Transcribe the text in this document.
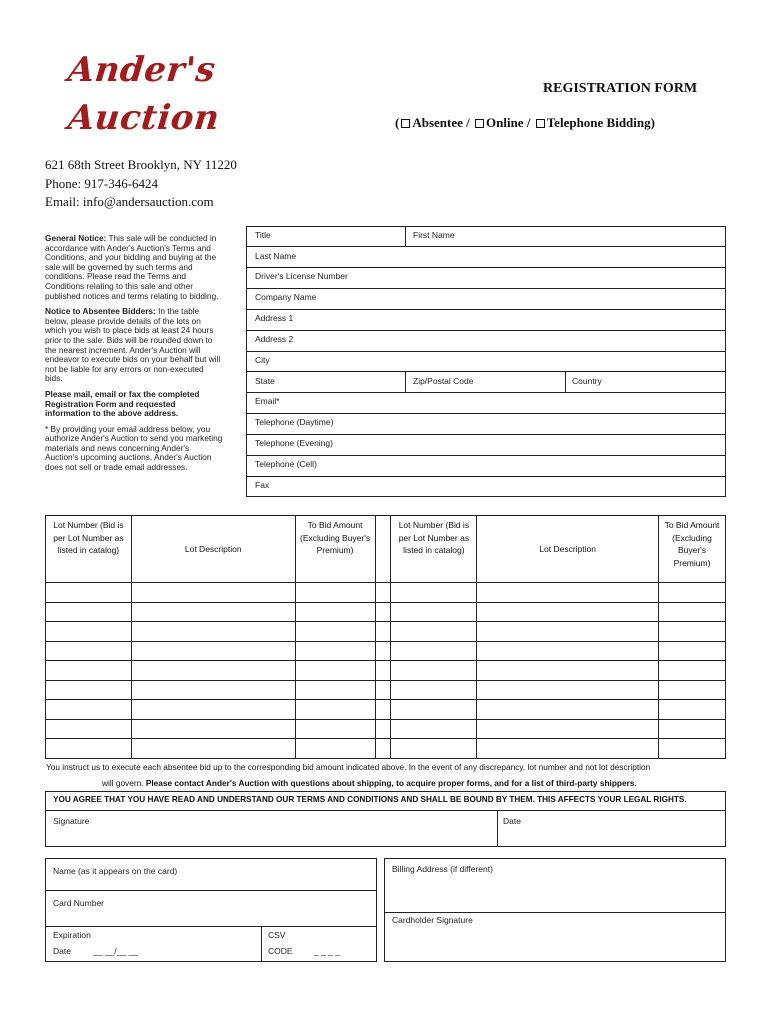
Ander's
Auction
REGISTRATION FORM
( Absentee / Online / Telephone Bidding)
621 68th Street Brooklyn, NY 11220
Phone: 917-346-6424
Email: info@andersauction.com

General Notice: This sale will be conducted in accordance with Ander's Auction's Terms and Conditions, and your bidding and buying at the sale will be governed by such terms and conditions. Please read the Terms and Conditions relating to this sale and other published notices and terms relating to bidding.

Notice to Absentee Bidders: In the table below, please provide details of the lots on which you wish to place bids at least 24 hours prior to the sale. Bids will be rounded down to the nearest increment. Ander's Auction will endeavor to execute bids on your behalf but will not be liable for any errors or non-executed bids.

Please mail, email or fax the completed Registration Form and requested information to the above address.

* By providing your email address below, you authorize Ander's Auction to send you marketing materials and news concerning Ander's Auction's upcoming auctions. Ander's Auction does not sell or trade email addresses.

Title	First Name
Last Name
Driver's License Number
Company Name
Address 1
Address 2
City
State	Zip/Postal Code	Country
Email*
Telephone (Daytime)
Telephone (Evening)
Telephone (Cell)
Fax
Lot Number (Bid is per Lot Number as listed in catalog)	Lot Description	To Bid Amount (Excluding Buyer's Premium)		Lot Number (Bid is per Lot Number as listed in catalog)	Lot Description	To Bid Amount (Excluding Buyer's Premium)

You instruct us to execute each absentee bid up to the corresponding bid amount indicated above. In the event of any discrepancy, lot number and not lot description
will govern. Please contact Ander's Auction with questions about shipping, to acquire proper forms, and for a list of third-party shippers.
YOU AGREE THAT YOU HAVE READ AND UNDERSTAND OUR TERMS AND CONDITIONS AND SHALL BE BOUND BY THEM. THIS AFFECTS YOUR LEGAL RIGHTS.
Signature	Date
Name (as it appears on the card)
Card Number
Expiration
Date	__ __/__ __
CSV
CODE	_ _ _ _
Billing Address (if different)
Cardholder Signature
